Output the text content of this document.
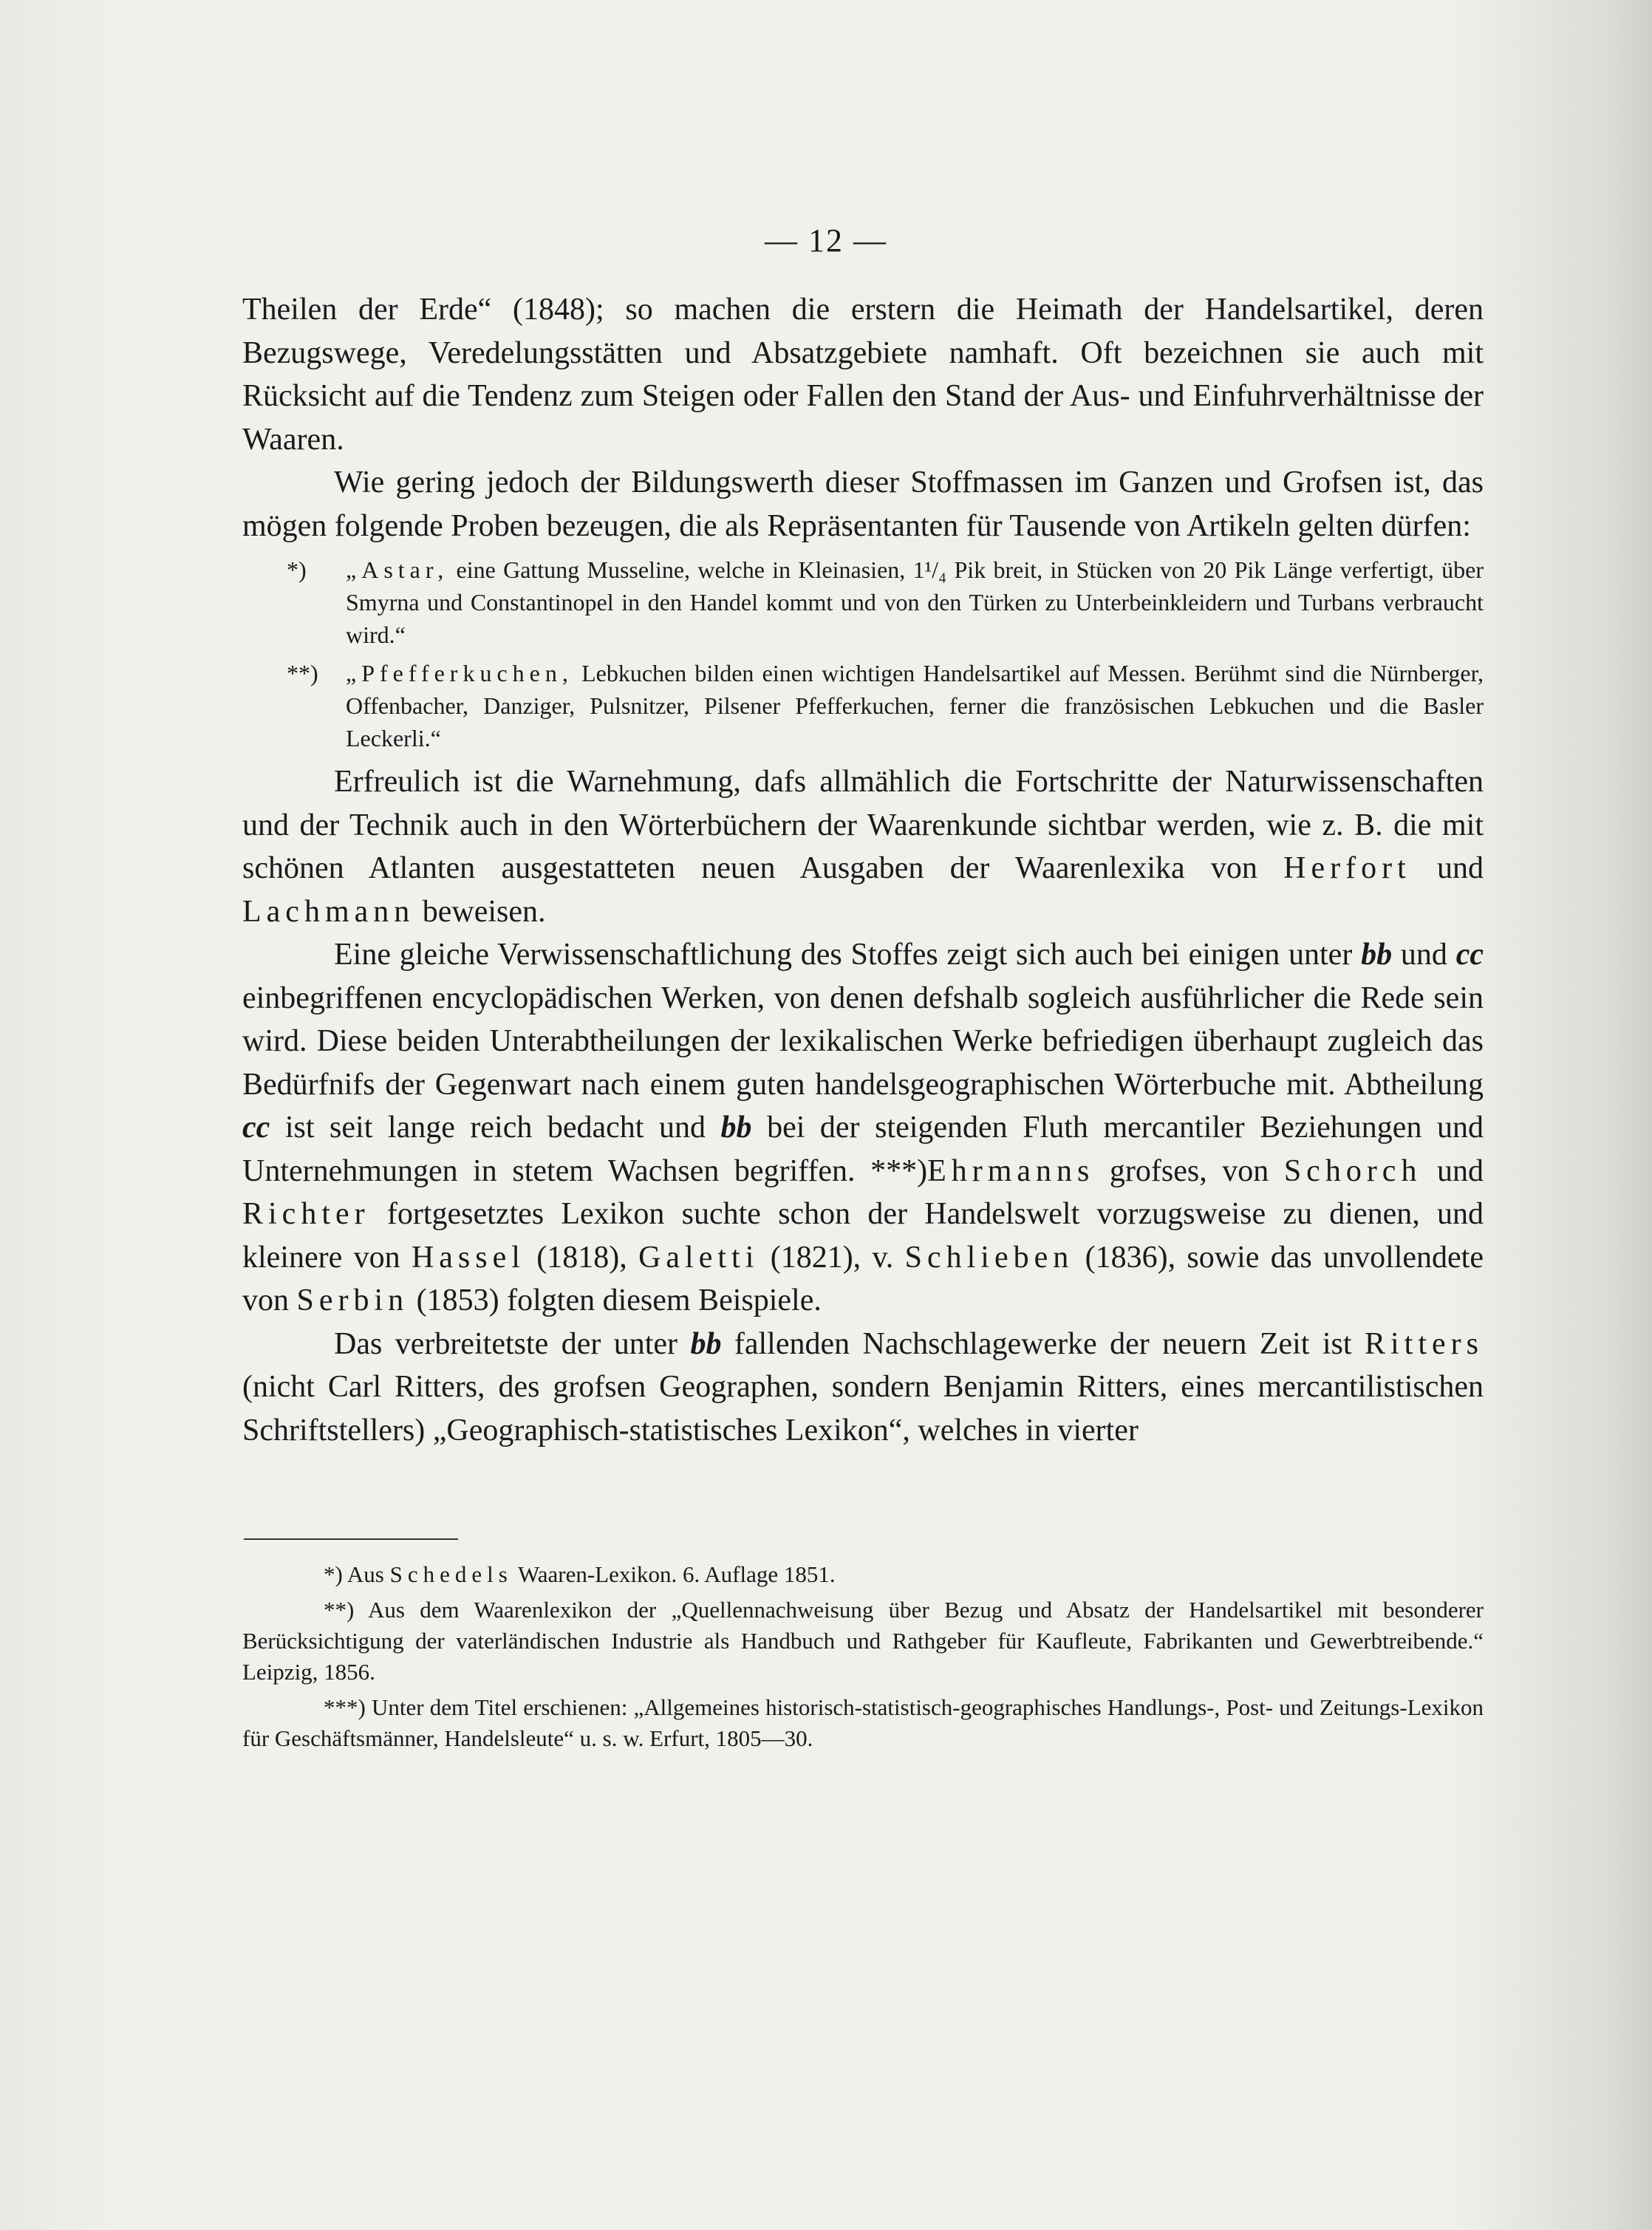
— 12 —

Theilen der Erde“ (1848); so machen die erstern die Heimath der Handelsartikel, deren Bezugswege, Veredelungsstätten und Absatzgebiete namhaft. Oft bezeichnen sie auch mit Rücksicht auf die Tendenz zum Steigen oder Fallen den Stand der Aus- und Einfuhrverhältnisse der Waaren.

Wie gering jedoch der Bildungswerth dieser Stoffmassen im Ganzen und Grofsen ist, das mögen folgende Proben bezeugen, die als Repräsentanten für Tausende von Artikeln gelten dürfen:

*) „Astar, eine Gattung Musseline, welche in Kleinasien, 1¹/₄ Pik breit, in Stücken von 20 Pik Länge verfertigt, über Smyrna und Constantinopel in den Handel kommt und von den Türken zu Unterbeinkleidern und Turbans verbraucht wird.“
**) „Pfefferkuchen, Lebkuchen bilden einen wichtigen Handelsartikel auf Messen. Berühmt sind die Nürnberger, Offenbacher, Danziger, Pulsnitzer, Pilsener Pfefferkuchen, ferner die französischen Lebkuchen und die Basler Leckerli.“

Erfreulich ist die Warnehmung, dafs allmählich die Fortschritte der Naturwissenschaften und der Technik auch in den Wörterbüchern der Waarenkunde sichtbar werden, wie z. B. die mit schönen Atlanten ausgestatteten neuen Ausgaben der Waarenlexika von Herfort und Lachmann beweisen.

Eine gleiche Verwissenschaftlichung des Stoffes zeigt sich auch bei einigen unter bb und cc einbegriffenen encyclopädischen Werken, von denen defshalb sogleich ausführlicher die Rede sein wird. Diese beiden Unterabtheilungen der lexikalischen Werke befriedigen überhaupt zugleich das Bedürfnifs der Gegenwart nach einem guten handelsgeographischen Wörterbuche mit. Abtheilung cc ist seit lange reich bedacht und bb bei der steigenden Fluth mercantiler Beziehungen und Unternehmungen in stetem Wachsen begriffen. ***)Ehrmanns grofses, von Schorch und Richter fortgesetztes Lexikon suchte schon der Handelswelt vorzugsweise zu dienen, und kleinere von Hassel (1818), Galetti (1821), v. Schlieben (1836), sowie das unvollendete von Serbin (1853) folgten diesem Beispiele.

Das verbreitetste der unter bb fallenden Nachschlagewerke der neuern Zeit ist Ritters (nicht Carl Ritters, des grofsen Geographen, sondern Benjamin Ritters, eines mercantilistischen Schriftstellers) „Geographisch-statistisches Lexikon“, welches in vierter

*) Aus Schedels Waaren-Lexikon. 6. Auflage 1851.

**) Aus dem Waarenlexikon der „Quellennachweisung über Bezug und Absatz der Handelsartikel mit besonderer Berücksichtigung der vaterländischen Industrie als Handbuch und Rathgeber für Kaufleute, Fabrikanten und Gewerbtreibende.“ Leipzig, 1856.

***) Unter dem Titel erschienen: „Allgemeines historisch-statistisch-geographisches Handlungs-, Post- und Zeitungs-Lexikon für Geschäftsmänner, Handelsleute“ u. s. w. Erfurt, 1805—30.
